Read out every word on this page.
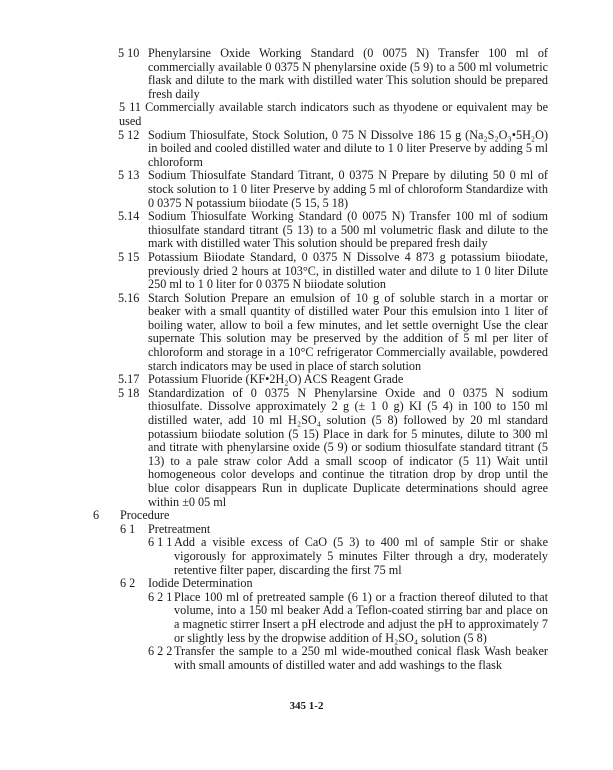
5 10 Phenylarsine Oxide Working Standard (0 0075 N) Transfer 100 ml of commercially available 0 0375 N phenylarsine oxide (5 9) to a 500 ml volumetric flask and dilute to the mark with distilled water This solution should be prepared fresh daily
5 11 Commercially available starch indicators such as thyodene or equivalent may be used
5 12 Sodium Thiosulfate, Stock Solution, 0 75 N Dissolve 186 15 g (Na₂S₂O₃•5H₂O) in boiled and cooled distilled water and dilute to 1 0 liter Preserve by adding 5 ml chloroform
5 13 Sodium Thiosulfate Standard Titrant, 0 0375 N Prepare by diluting 50 0 ml of stock solution to 1 0 liter Preserve by adding 5 ml of chloroform Standardize with 0 0375 N potassium biiodate (5 15, 5 18)
5.14 Sodium Thiosulfate Working Standard (0 0075 N) Transfer 100 ml of sodium thiosulfate standard titrant (5 13) to a 500 ml volumetric flask and dilute to the mark with distilled water This solution should be prepared fresh daily
5 15 Potassium Biiodate Standard, 0 0375 N Dissolve 4 873 g potassium biiodate, previously dried 2 hours at 103°C, in distilled water and dilute to 1 0 liter Dilute 250 ml to 1 0 liter for 0 0375 N biiodate solution
5.16 Starch Solution Prepare an emulsion of 10 g of soluble starch in a mortar or beaker with a small quantity of distilled water Pour this emulsion into 1 liter of boiling water, allow to boil a few minutes, and let settle overnight Use the clear supernate This solution may be preserved by the addition of 5 ml per liter of chloroform and storage in a 10°C refrigerator Commercially available, powdered starch indicators may be used in place of starch solution
5.17 Potassium Fluoride (KF•2H₂O) ACS Reagent Grade
5 18 Standardization of 0 0375 N Phenylarsine Oxide and 0 0375 N sodium thiosulfate. Dissolve approximately 2 g (± 1 0 g) KI (5 4) in 100 to 150 ml distilled water, add 10 ml H₂SO₄ solution (5 8) followed by 20 ml standard potassium biiodate solution (5 15) Place in dark for 5 minutes, dilute to 300 ml and titrate with phenylarsine oxide (5 9) or sodium thiosulfate standard titrant (5 13) to a pale straw color Add a small scoop of indicator (5 11) Wait until homogeneous color develops and continue the titration drop by drop until the blue color disappears Run in duplicate Duplicate determinations should agree within ±0 05 ml
6 Procedure
6 1 Pretreatment
6 1 1 Add a visible excess of CaO (5 3) to 400 ml of sample Stir or shake vigorously for approximately 5 minutes Filter through a dry, moderately retentive filter paper, discarding the first 75 ml
6 2 Iodide Determination
6 2 1 Place 100 ml of pretreated sample (6 1) or a fraction thereof diluted to that volume, into a 150 ml beaker Add a Teflon-coated stirring bar and place on a magnetic stirrer Insert a pH electrode and adjust the pH to approximately 7 or slightly less by the dropwise addition of H₂SO₄ solution (5 8)
6 2 2 Transfer the sample to a 250 ml wide-mouthed conical flask Wash beaker with small amounts of distilled water and add washings to the flask
345 1-2
